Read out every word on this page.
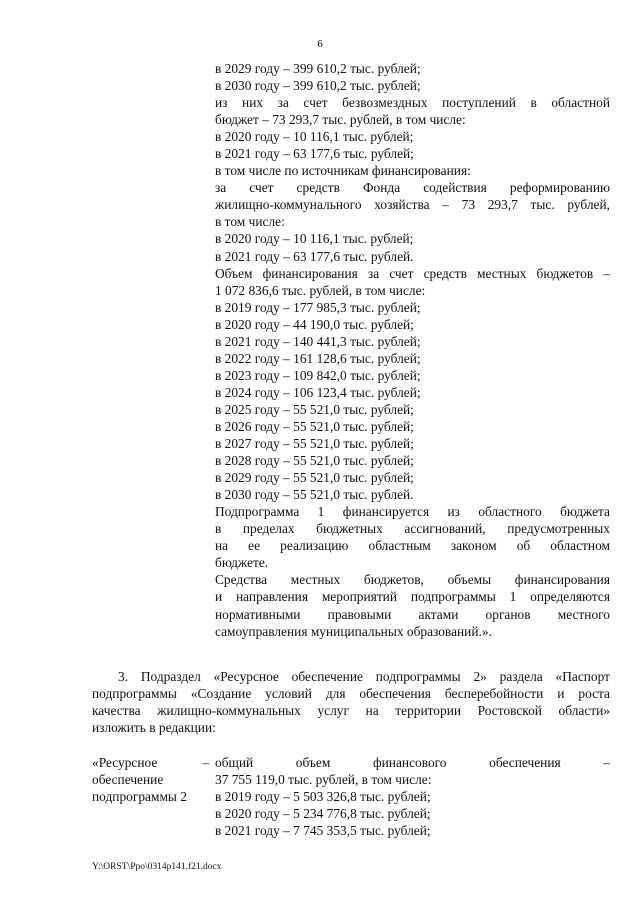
6
в 2029 году – 399 610,2 тыс. рублей;
в 2030 году – 399 610,2 тыс. рублей;
из них за счет безвозмездных поступлений в областной
бюджет – 73 293,7 тыс. рублей, в том числе:
в 2020 году – 10 116,1 тыс. рублей;
в 2021 году – 63 177,6 тыс. рублей;
в том числе по источникам финансирования:
за счет средств Фонда содействия реформированию
жилищно-коммунального хозяйства – 73 293,7 тыс. рублей,
в том числе:
в 2020 году – 10 116,1 тыс. рублей;
в 2021 году – 63 177,6 тыс. рублей.
Объем финансирования за счет средств местных бюджетов –
1 072 836,6 тыс. рублей, в том числе:
в 2019 году – 177 985,3 тыс. рублей;
в 2020 году – 44 190,0 тыс. рублей;
в 2021 году – 140 441,3 тыс. рублей;
в 2022 году – 161 128,6 тыс. рублей;
в 2023 году – 109 842,0 тыс. рублей;
в 2024 году – 106 123,4 тыс. рублей;
в 2025 году – 55 521,0 тыс. рублей;
в 2026 году – 55 521,0 тыс. рублей;
в 2027 году – 55 521,0 тыс. рублей;
в 2028 году – 55 521,0 тыс. рублей;
в 2029 году – 55 521,0 тыс. рублей;
в 2030 году – 55 521,0 тыс. рублей.
Подпрограмма 1 финансируется из областного бюджета
в пределах бюджетных ассигнований, предусмотренных
на ее реализацию областным законом об областном
бюджете.
Средства местных бюджетов, объемы финансирования
и направления мероприятий подпрограммы 1 определяются
нормативными правовыми актами органов местного
самоуправления муниципальных образований.».
3. Подраздел «Ресурсное обеспечение подпрограммы 2» раздела «Паспорт
подпрограммы «Создание условий для обеспечения бесперебойности и роста
качества жилищно-коммунальных услуг на территории Ростовской области»
изложить в редакции:
«Ресурсное
обеспечение
подпрограммы 2
– общий объем финансового обеспечения –
37 755 119,0 тыс. рублей, в том числе:
в 2019 году – 5 503 326,8 тыс. рублей;
в 2020 году – 5 234 776,8 тыс. рублей;
в 2021 году – 7 745 353,5 тыс. рублей;
Y:\ORST\Ppo\0314p141.f21.docx
